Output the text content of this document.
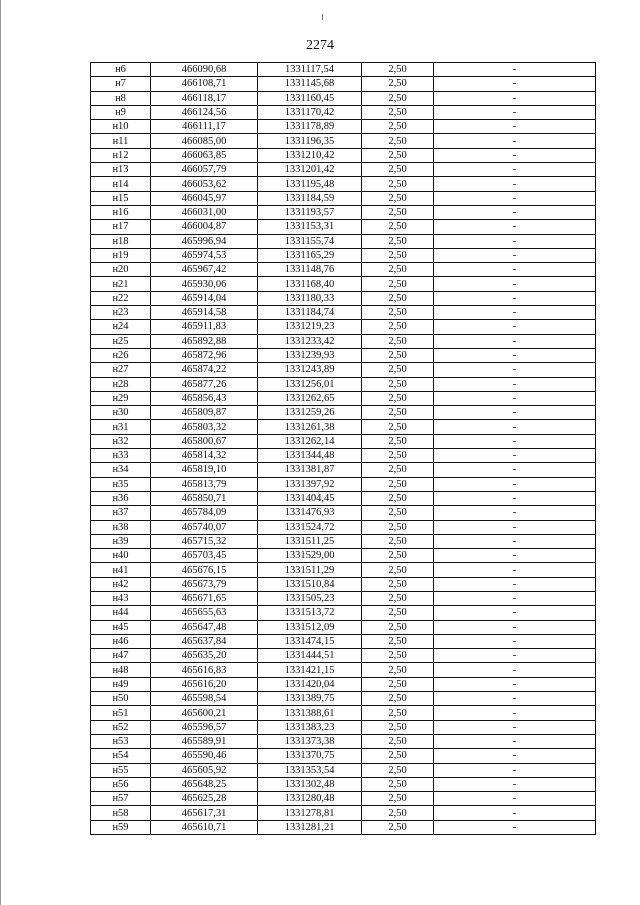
2274
н6	466090,68	1331117,54	2,50	-
н7	466108,71	1331145,68	2,50	-
н8	466118,17	1331160,45	2,50	-
н9	466124,56	1331170,42	2,50	-
н10	466111,17	1331178,89	2,50	-
н11	466085,00	1331196,35	2,50	-
н12	466063,85	1331210,42	2,50	-
н13	466057,79	1331201,42	2,50	-
н14	466053,62	1331195,48	2,50	-
н15	466045,97	1331184,59	2,50	-
н16	466031,00	1331193,57	2,50	-
н17	466004,87	1331153,31	2,50	-
н18	465996,94	1331155,74	2,50	-
н19	465974,53	1331165,29	2,50	-
н20	465967,42	1331148,76	2,50	-
н21	465930,06	1331168,40	2,50	-
н22	465914,04	1331180,33	2,50	-
н23	465914,58	1331184,74	2,50	-
н24	465911,83	1331219,23	2,50	-
н25	465892,88	1331233,42	2,50	-
н26	465872,96	1331239,93	2,50	-
н27	465874,22	1331243,89	2,50	-
н28	465877,26	1331256,01	2,50	-
н29	465856,43	1331262,65	2,50	-
н30	465809,87	1331259,26	2,50	-
н31	465803,32	1331261,38	2,50	-
н32	465800,67	1331262,14	2,50	-
н33	465814,32	1331344,48	2,50	-
н34	465819,10	1331381,87	2,50	-
н35	465813,79	1331397,92	2,50	-
н36	465850,71	1331404,45	2,50	-
н37	465784,09	1331476,93	2,50	-
н38	465740,07	1331524,72	2,50	-
н39	465715,32	1331511,25	2,50	-
н40	465703,45	1331529,00	2,50	-
н41	465676,15	1331511,29	2,50	-
н42	465673,79	1331510,84	2,50	-
н43	465671,65	1331505,23	2,50	-
н44	465655,63	1331513,72	2,50	-
н45	465647,48	1331512,09	2,50	-
н46	465637,84	1331474,15	2,50	-
н47	465635,20	1331444,51	2,50	-
н48	465616,83	1331421,15	2,50	-
н49	465616,20	1331420,04	2,50	-
н50	465598,54	1331389,75	2,50	-
н51	465600,21	1331388,61	2,50	-
н52	465596,57	1331383,23	2,50	-
н53	465589,91	1331373,38	2,50	-
н54	465590,46	1331370,75	2,50	-
н55	465605,92	1331353,54	2,50	-
н56	465648,25	1331302,48	2,50	-
н57	465625,28	1331280,48	2,50	-
н58	465617,31	1331278,81	2,50	-
н59	465610,71	1331281,21	2,50	-
